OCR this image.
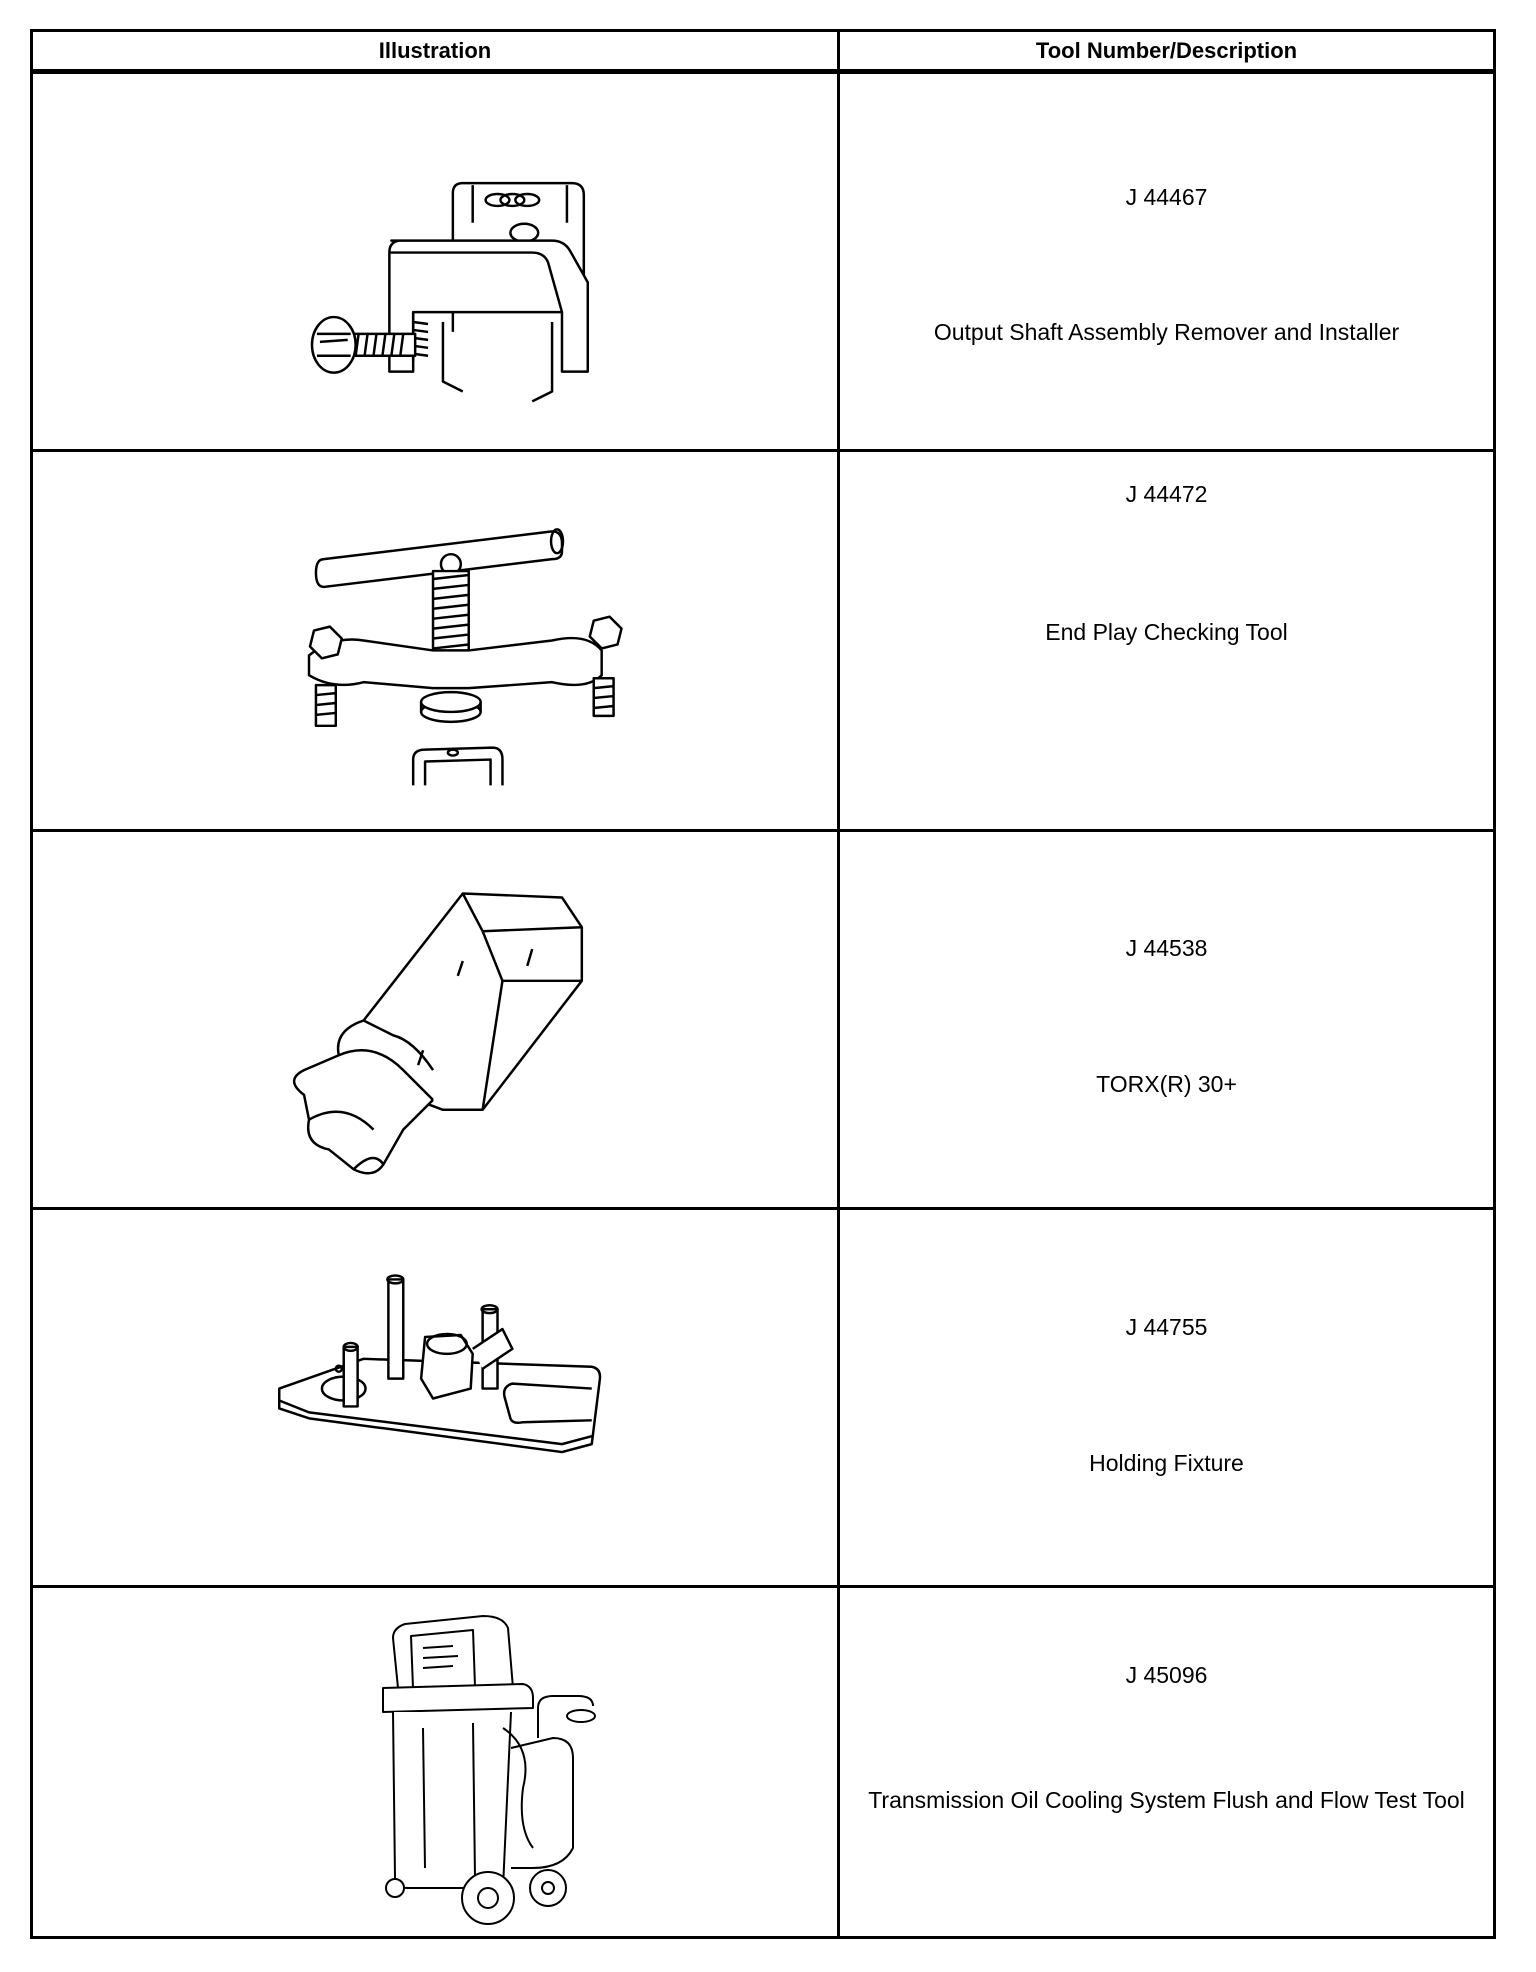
Illustration	Tool Number/Description
J 44467
Output Shaft Assembly Remover and Installer
J 44472
End Play Checking Tool
J 44538
TORX(R) 30+
J 44755
Holding Fixture
J 45096
Transmission Oil Cooling System Flush and Flow Test Tool
